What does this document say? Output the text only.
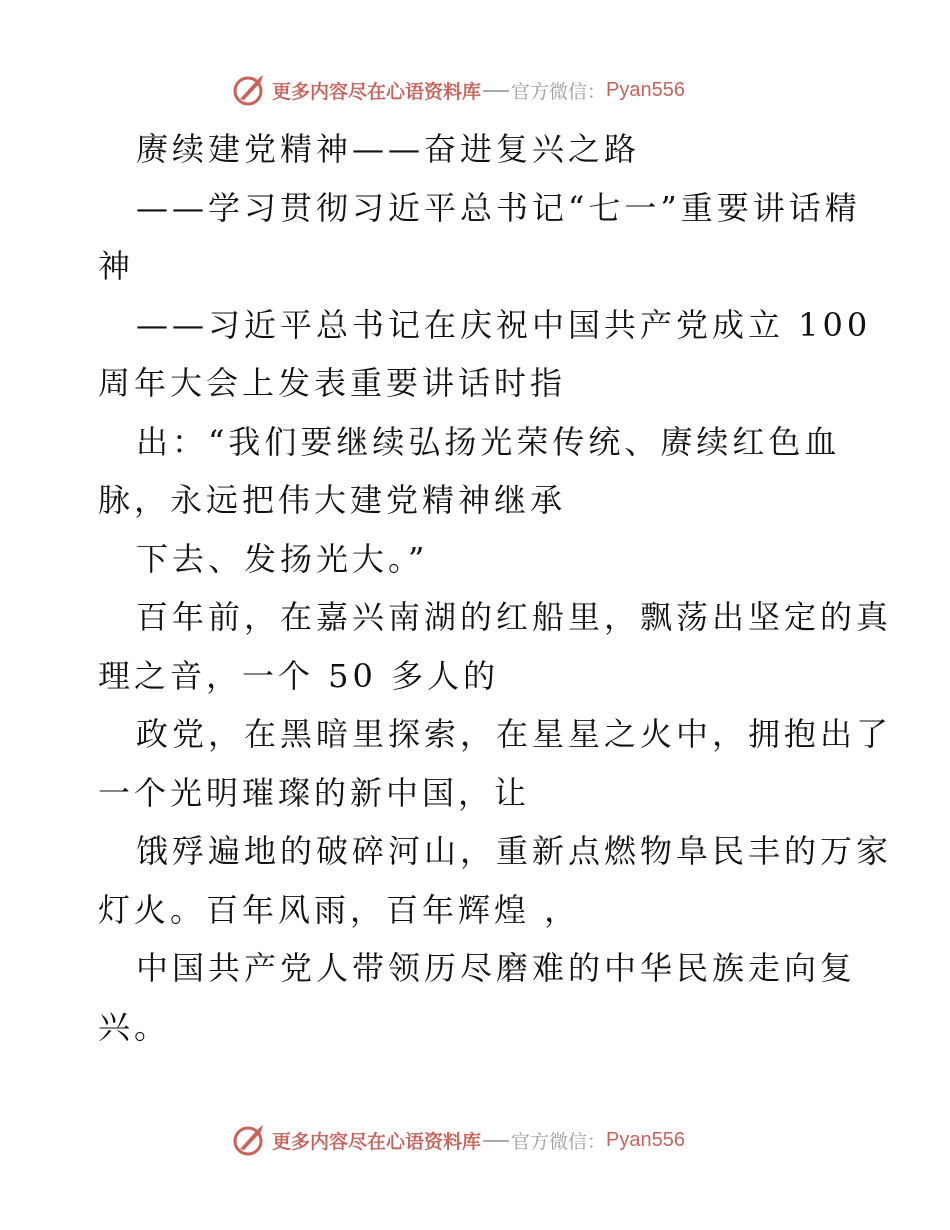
更多内容尽在心语资料库 官方微信： Pyan556
赓续建党精神——奋进复兴之路
——学习贯彻习近平总书记“七一”重要讲话精
神
——习近平总书记在庆祝中国共产党成立 100
周年大会上发表重要讲话时指
出：“我们要继续弘扬光荣传统、赓续红色血
脉，永远把伟大建党精神继承
下去、发扬光大。”
百年前，在嘉兴南湖的红船里，飘荡出坚定的真
理之音，一个 50 多人的
政党，在黑暗里探索，在星星之火中，拥抱出了
一个光明璀璨的新中国，让
饿殍遍地的破碎河山，重新点燃物阜民丰的万家
灯火。百年风雨，百年辉煌 ，
中国共产党人带领历尽磨难的中华民族走向复
兴。
更多内容尽在心语资料库 官方微信： Pyan556
